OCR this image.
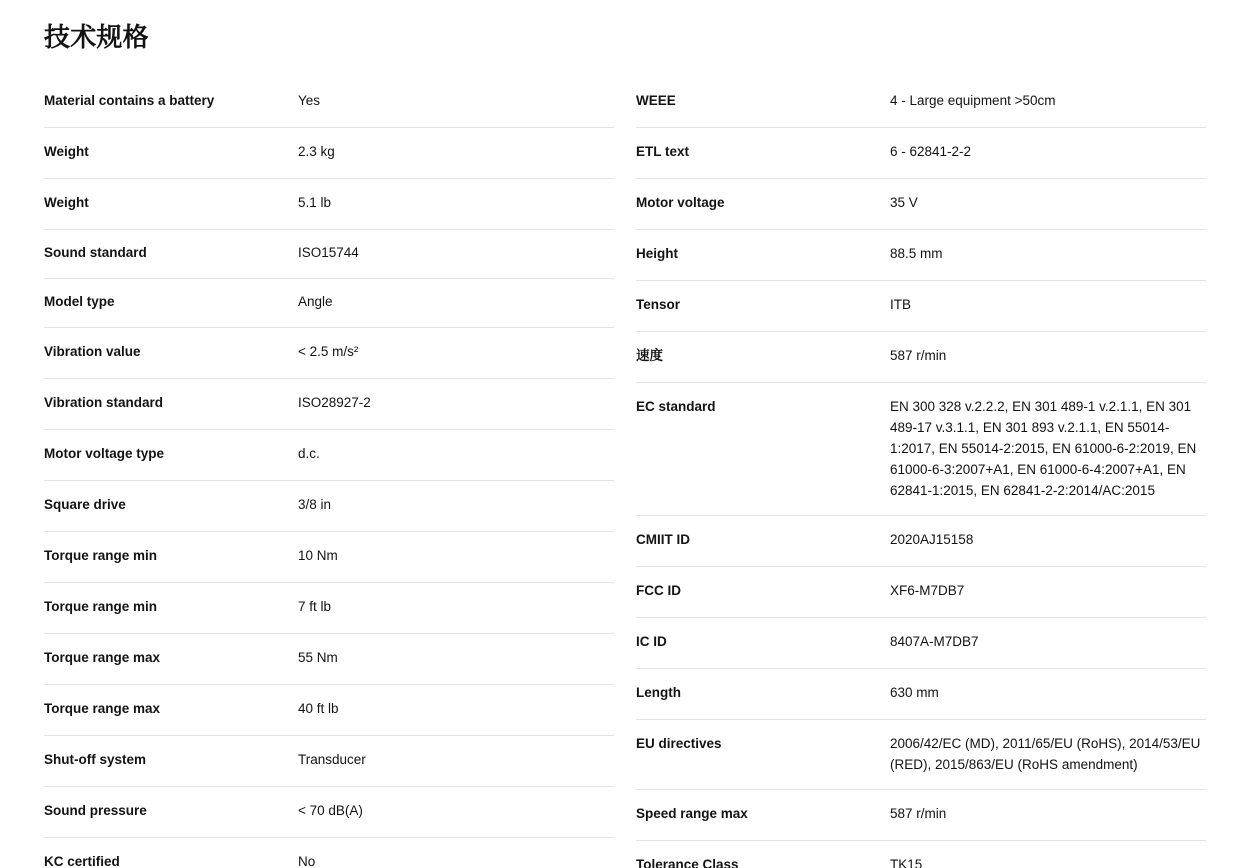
技术规格
Material contains a battery	Yes
Weight	2.3 kg
Weight	5.1 lb
Sound standard	ISO15744
Model type	Angle
Vibration value	< 2.5 m/s²
Vibration standard	ISO28927-2
Motor voltage type	d.c.
Square drive	3/8 in
Torque range min	10 Nm
Torque range min	7 ft lb
Torque range max	55 Nm
Torque range max	40 ft lb
Shut-off system	Transducer
Sound pressure	< 70 dB(A)
KC certified	No
WEEE	4 - Large equipment >50cm
ETL text	6 - 62841-2-2
Motor voltage	35 V
Height	88.5 mm
Tensor	ITB
速度	587 r/min
EC standard	EN 300 328 v.2.2.2, EN 301 489-1 v.2.1.1, EN 301 489-17 v.3.1.1, EN 301 893 v.2.1.1, EN 55014-1:2017, EN 55014-2:2015, EN 61000-6-2:2019, EN 61000-6-3:2007+A1, EN 61000-6-4:2007+A1, EN 62841-1:2015, EN 62841-2-2:2014/AC:2015
CMIIT ID	2020AJ15158
FCC ID	XF6-M7DB7
IC ID	8407A-M7DB7
Length	630 mm
EU directives	2006/42/EC (MD), 2011/65/EU (RoHS), 2014/53/EU (RED), 2015/863/EU (RoHS amendment)
Speed range max	587 r/min
Tolerance Class	TK15
